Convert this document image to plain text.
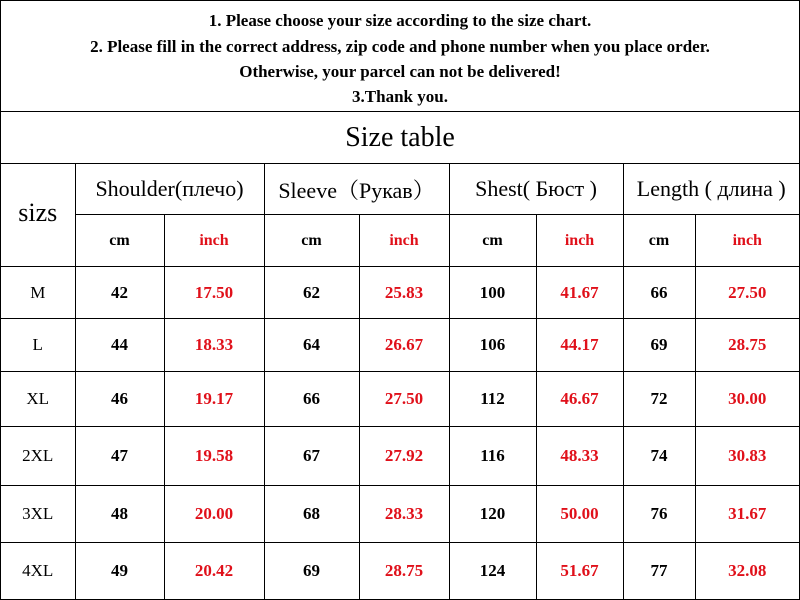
1. Please choose your size according to the size chart.
2. Please fill in the correct address, zip code and phone number when you place order.
Otherwise, your parcel can not be delivered!
3.Thank you.
Size table
sizs	Shoulder(плечо)		Sleeve（Рукав）		Shest( Бюст )		Length ( длина )	
	cm	inch	cm	inch	cm	inch	cm	inch
M	42	17.50	62	25.83	100	41.67	66	27.50
L	44	18.33	64	26.67	106	44.17	69	28.75
XL	46	19.17	66	27.50	112	46.67	72	30.00
2XL	47	19.58	67	27.92	116	48.33	74	30.83
3XL	48	20.00	68	28.33	120	50.00	76	31.67
4XL	49	20.42	69	28.75	124	51.67	77	32.08
